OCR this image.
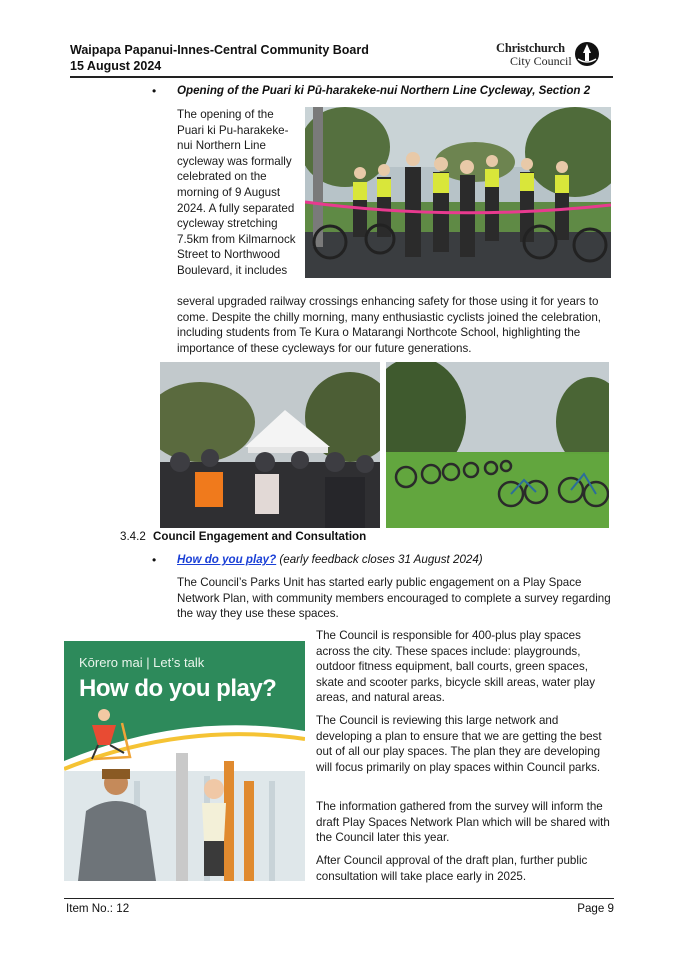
Waipapa Papanui-Innes-Central Community Board
15 August 2024
Christchurch
City Council
• Opening of the Puari ki Pū-harakeke-nui Northern Line Cycleway, Section 2
The opening of the Puari ki Pu-harakeke-nui Northern Line cycleway was formally celebrated on the morning of 9 August 2024. A fully separated cycleway stretching 7.5km from Kilmarnock Street to Northwood Boulevard, it includes
several upgraded railway crossings enhancing safety for those using it for years to come. Despite the chilly morning, many enthusiastic cyclists joined the celebration, including students from Te Kura o Matarangi Northcote School, highlighting the importance of these cycleways for our future generations.
3.4.2 Council Engagement and Consultation
• How do you play? (early feedback closes 31 August 2024)
The Council’s Parks Unit has started early public engagement on a Play Space Network Plan, with community members encouraged to complete a survey regarding the way they use these spaces.
Kōrero mai | Let’s talk
How do you play?
The Council is responsible for 400-plus play spaces across the city. These spaces include: playgrounds, outdoor fitness equipment, ball courts, green spaces, skate and scooter parks, bicycle skill areas, water play areas, and natural areas.
The Council is reviewing this large network and developing a plan to ensure that we are getting the best out of all our play spaces. The plan they are developing will focus primarily on play spaces within Council parks.
The information gathered from the survey will inform the draft Play Spaces Network Plan which will be shared with the Council later this year.
After Council approval of the draft plan, further public consultation will take place early in 2025.
Item No.: 12	Page 9
